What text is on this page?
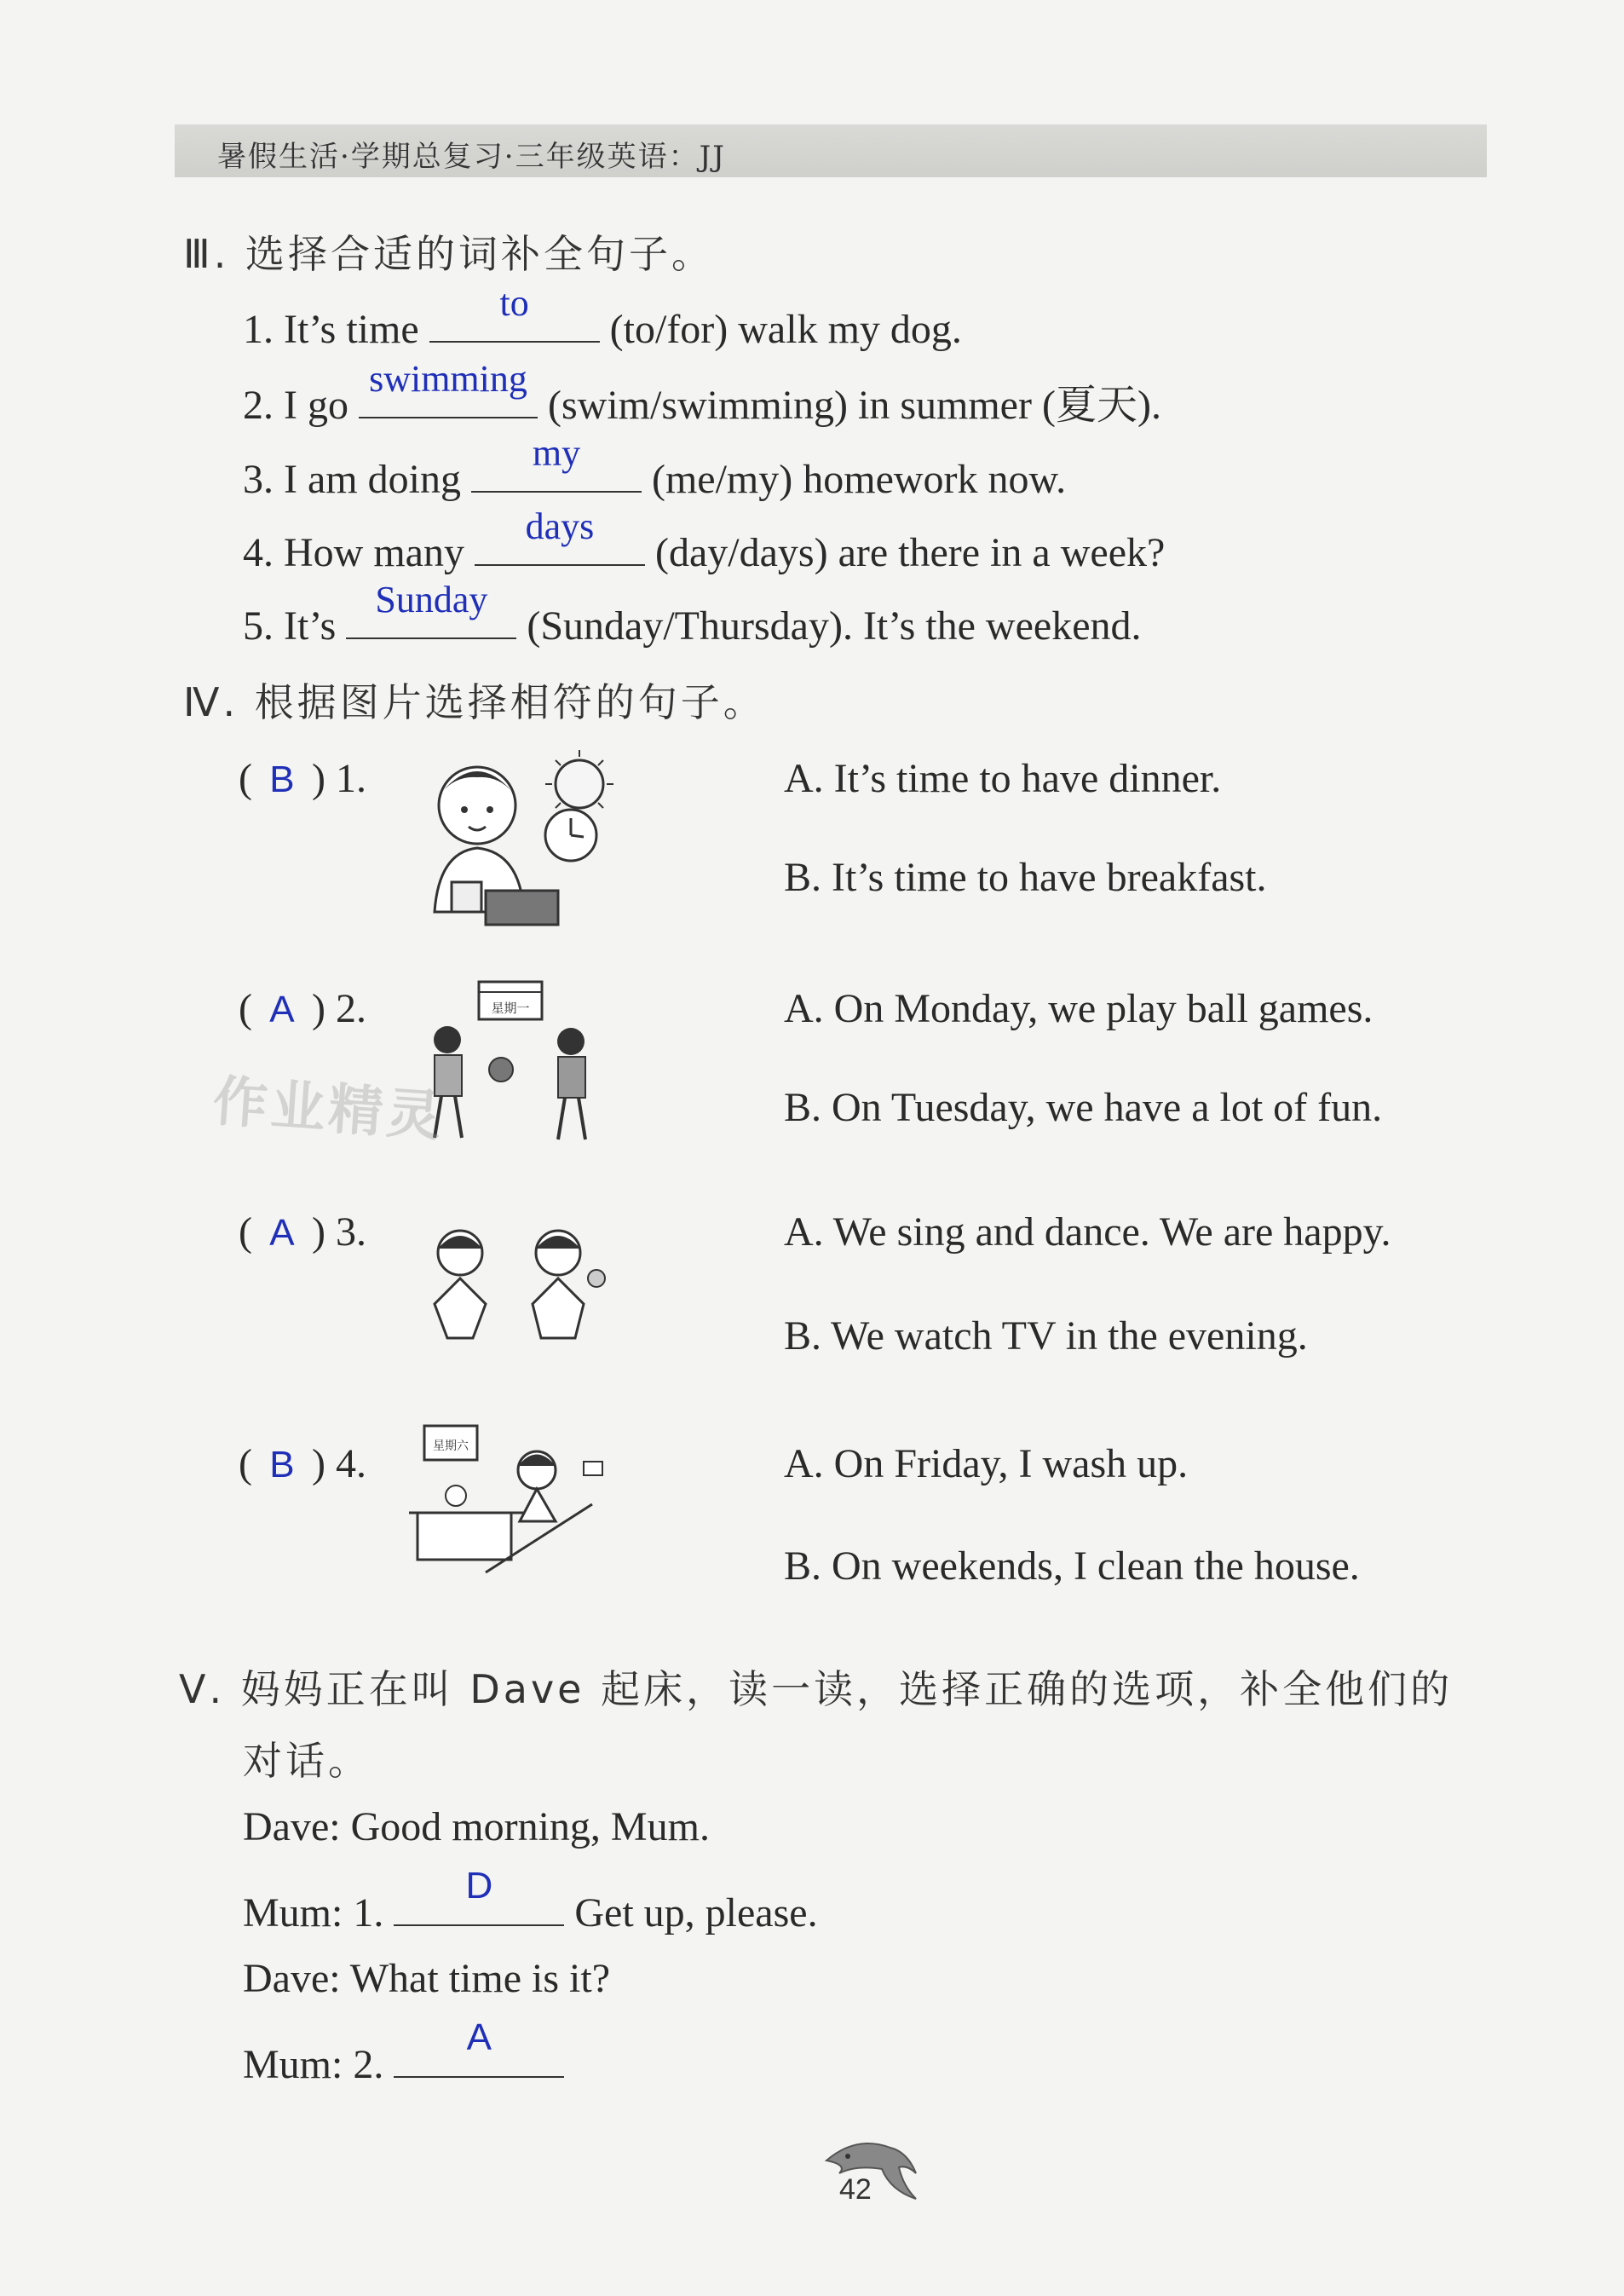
暑假生活·学期总复习·三年级英语：JJ
Ⅲ. 选择合适的词补全句子。
1. It’s time
to
(to/for) walk my dog.
2. I go
swimming
(swim/swimming) in summer (夏天).
3. I am doing
my
(me/my) homework now.
4. How many
days
(day/days) are there in a week?
5. It’s
Sunday
(Sunday/Thursday). It’s the weekend.
Ⅳ. 根据图片选择相符的句子。
( B ) 1.	A. It’s time to have dinner.
B. It’s time to have breakfast.
( A ) 2.	星期一	A. On Monday, we play ball games.
B. On Tuesday, we have a lot of fun.
( A ) 3.	A. We sing and dance. We are happy.
B. We watch TV in the evening.
( B ) 4.	星期六	A. On Friday, I wash up.
B. On weekends, I clean the house.
作业精灵
Ⅴ. 妈妈正在叫 Dave 起床，读一读，选择正确的选项，补全他们的
对话。
Dave: Good morning, Mum.
Mum: 1.
D
Get up, please.
Dave: What time is it?
Mum: 2.
A
42
